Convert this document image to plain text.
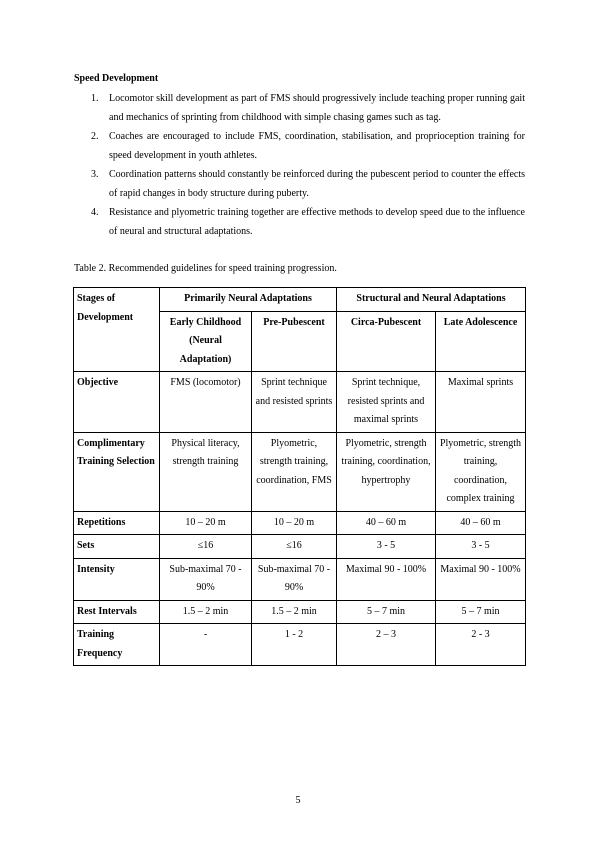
Speed Development
1. Locomotor skill development as part of FMS should progressively include teaching proper running gait and mechanics of sprinting from childhood with simple chasing games such as tag.
2. Coaches are encouraged to include FMS, coordination, stabilisation, and proprioception training for speed development in youth athletes.
3. Coordination patterns should constantly be reinforced during the pubescent period to counter the effects of rapid changes in body structure during puberty.
4. Resistance and plyometric training together are effective methods to develop speed due to the influence of neural and structural adaptations.
Table 2. Recommended guidelines for speed training progression.
Stages of Development	Primarily Neural Adaptations		Structural and Neural Adaptations	
	Early Childhood (Neural Adaptation)	Pre-Pubescent	Circa-Pubescent	Late Adolescence
Objective	FMS (locomotor)	Sprint technique and resisted sprints	Sprint technique, resisted sprints and maximal sprints	Maximal sprints
Complimentary Training Selection	Physical literacy, strength training	Plyometric, strength training, coordination, FMS	Plyometric, strength training, coordination, hypertrophy	Plyometric, strength training, coordination, complex training
Repetitions	10 – 20 m	10 – 20 m	40 – 60 m	40 – 60 m
Sets	≤16	≤16	3 - 5	3 - 5
Intensity	Sub-maximal 70 - 90%	Sub-maximal 70 - 90%	Maximal 90 - 100%	Maximal 90 - 100%
Rest Intervals	1.5 – 2 min	1.5 – 2 min	5 – 7 min	5 – 7 min
Training Frequency	-	1 - 2	2 – 3	2 - 3
5
